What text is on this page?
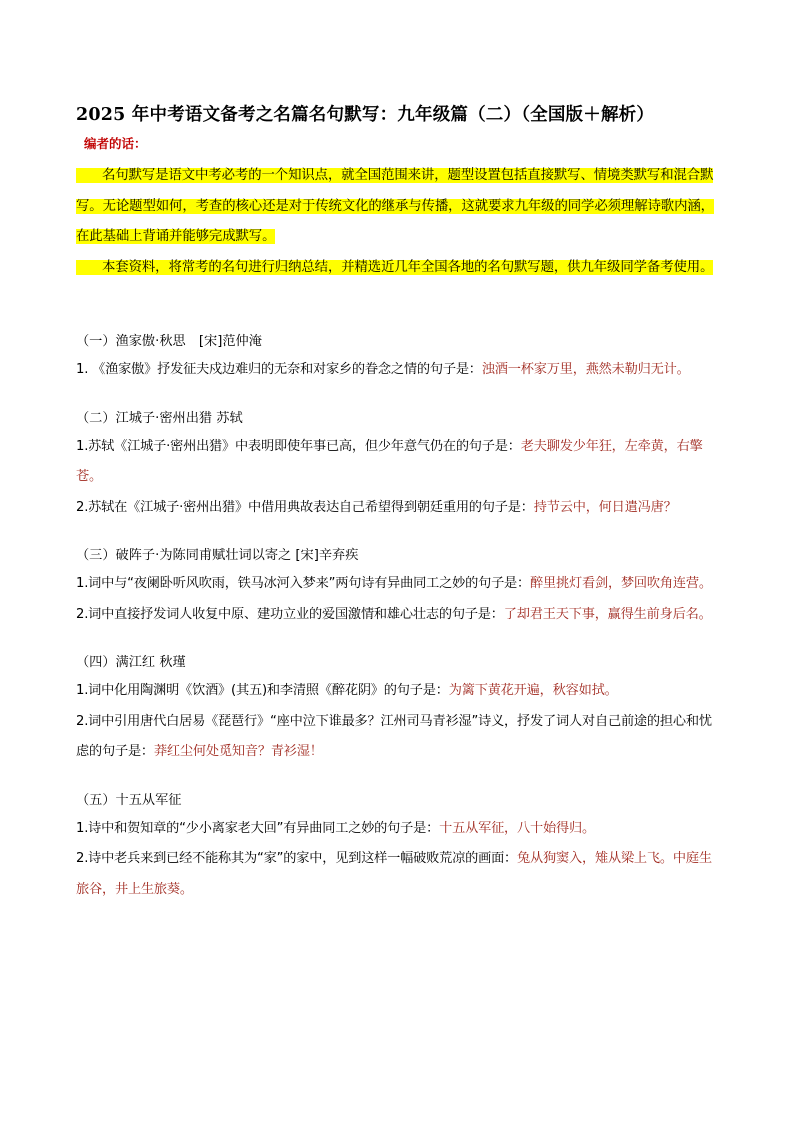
2025 年中考语文备考之名篇名句默写：九年级篇（二）（全国版＋解析）
编者的话：

名句默写是语文中考必考的一个知识点，就全国范围来讲，题型设置包括直接默写、情境类默写和混合默写。无论题型如何，考查的核心还是对于传统文化的继承与传播，这就要求九年级的同学必须理解诗歌内涵，在此基础上背诵并能够完成默写。

本套资料，将常考的名句进行归纳总结，并精选近几年全国各地的名句默写题，供九年级同学备考使用。

（一）渔家傲·秋思　[宋]范仲淹

1. 《渔家傲》抒发征夫戍边难归的无奈和对家乡的眷念之情的句子是：浊酒一杯家万里，燕然未勒归无计。

（二）江城子·密州出猎 苏轼

1.苏轼《江城子·密州出猎》中表明即使年事已高，但少年意气仍在的句子是：老夫聊发少年狂，左牵黄，右擎苍。

2.苏轼在《江城子·密州出猎》中借用典故表达自己希望得到朝廷重用的句子是：持节云中，何日遣冯唐？

（三）破阵子·为陈同甫赋壮词以寄之 [宋]辛弃疾

1.词中与“夜阑卧听风吹雨，铁马冰河入梦来”两句诗有异曲同工之妙的句子是：醉里挑灯看剑，梦回吹角连营。

2.词中直接抒发词人收复中原、建功立业的爱国激情和雄心壮志的句子是：了却君王天下事，赢得生前身后名。

（四）满江红 秋瑾

1.词中化用陶渊明《饮酒》(其五)和李清照《醉花阴》的句子是：为篱下黄花开遍，秋容如拭。

2.词中引用唐代白居易《琵琶行》“座中泣下谁最多？江州司马青衫湿”诗义，抒发了词人对自己前途的担心和忧虑的句子是：莽红尘何处觅知音？青衫湿！

（五）十五从军征

1.诗中和贺知章的“少小离家老大回”有异曲同工之妙的句子是：十五从军征，八十始得归。

2.诗中老兵来到已经不能称其为“家”的家中，见到这样一幅破败荒凉的画面：兔从狗窦入，雉从梁上飞。中庭生旅谷，井上生旅葵。
